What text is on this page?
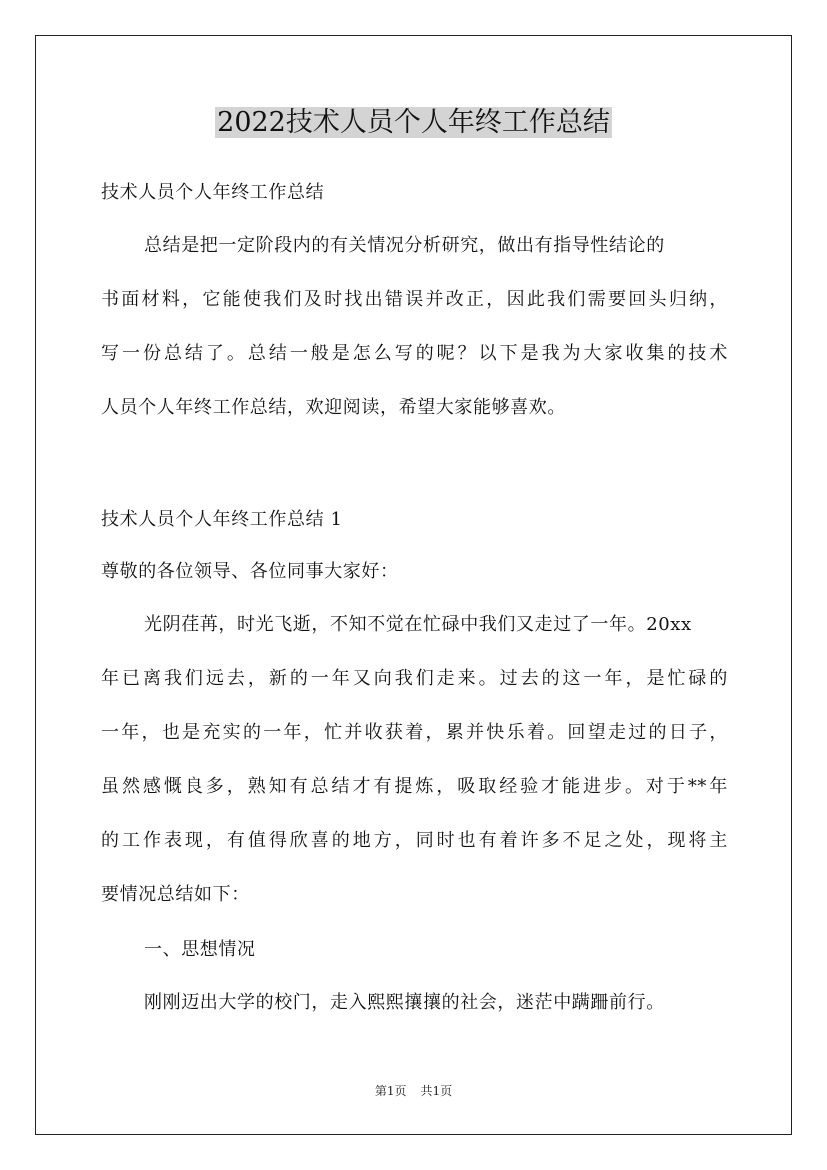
2022技术人员个人年终工作总结
技术人员个人年终工作总结
总结是把一定阶段内的有关情况分析研究，做出有指导性结论的
书面材料，它能使我们及时找出错误并改正，因此我们需要回头归纳，
写一份总结了。总结一般是怎么写的呢？以下是我为大家收集的技术
人员个人年终工作总结，欢迎阅读，希望大家能够喜欢。
技术人员个人年终工作总结 1
尊敬的各位领导、各位同事大家好：
光阴荏苒，时光飞逝，不知不觉在忙碌中我们又走过了一年。20xx
年已离我们远去，新的一年又向我们走来。过去的这一年，是忙碌的
一年，也是充实的一年，忙并收获着，累并快乐着。回望走过的日子，
虽然感慨良多，熟知有总结才有提炼，吸取经验才能进步。对于**年
的工作表现，有值得欣喜的地方，同时也有着许多不足之处，现将主
要情况总结如下：
一、思想情况
刚刚迈出大学的校门，走入熙熙攘攘的社会，迷茫中蹒跚前行。
第1页 共1页
